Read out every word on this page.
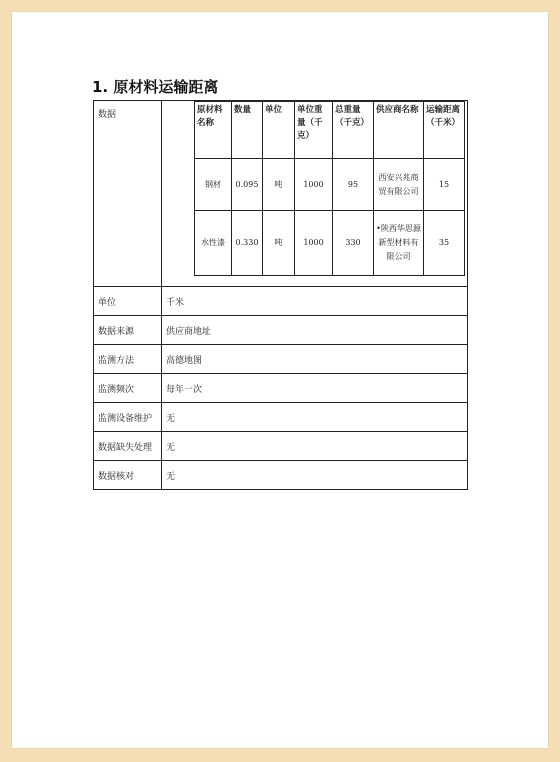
1. 原材料运输距离
数据		原材料名称	数量	单位	单位重量（千克）	总重量（千克）	供应商名称	运输距离（千米）
钢材	0.095	吨	1000	95	西安兴兆商贸有限公司	15
水性漆	0.330	吨	1000	330	•陕西华思源新型材料有限公司	35

单位	千米
数据来源	供应商地址
监测方法	高德地图
监测频次	每年一次
监测设备维护	无
数据缺失处理	无
数据核对	无
